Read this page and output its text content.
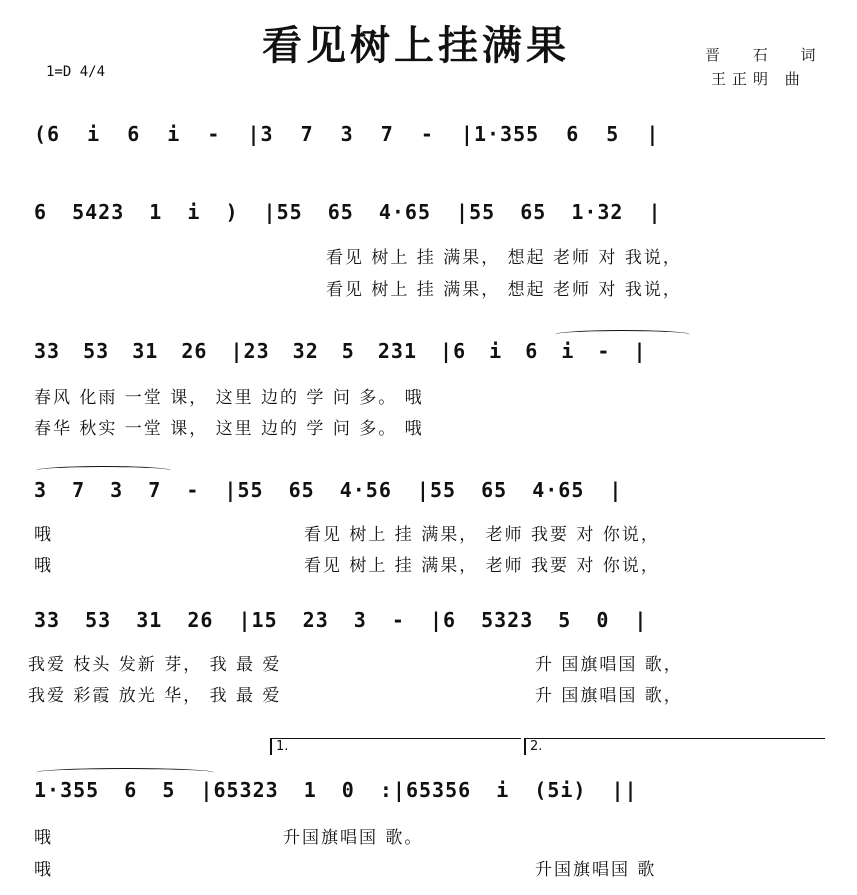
看见树上挂满果
1=D 4/4
晋 石 词
王正明 曲
(6 i 6 i - |3 7 3 7 - |1·355 6 5 |
6 5423 1 i ) |55 65 4·65 |55 65 1·32 |
看见 树上 挂 满果， 想起 老师 对 我说，
看见 树上 挂 满果， 想起 老师 对 我说，
33 53 31 26 |23 32 5 231 |6 i 6 i - |
春风 化雨 一堂 课， 这里 边的 学 问 多。 哦
春华 秋实 一堂 课， 这里 边的 学 问 多。 哦
3 7 3 7 - |55 65 4·56 |55 65 4·65 |
哦
哦
看见 树上 挂 满果， 老师 我要 对 你说，
看见 树上 挂 满果， 老师 我要 对 你说，
33 53 31 26 |15 23 3 - |6 5323 5 0 |
我爱 枝头 发新 芽， 我 最 爱
我爱 彩霞 放光 华， 我 最 爱
升 国旗唱国 歌，
升 国旗唱国 歌，
1.	2.
1·355 6 5 |65323 1 0 :|65356 i (5i) ||
哦
哦
升国旗唱国 歌。
升国旗唱国 歌
